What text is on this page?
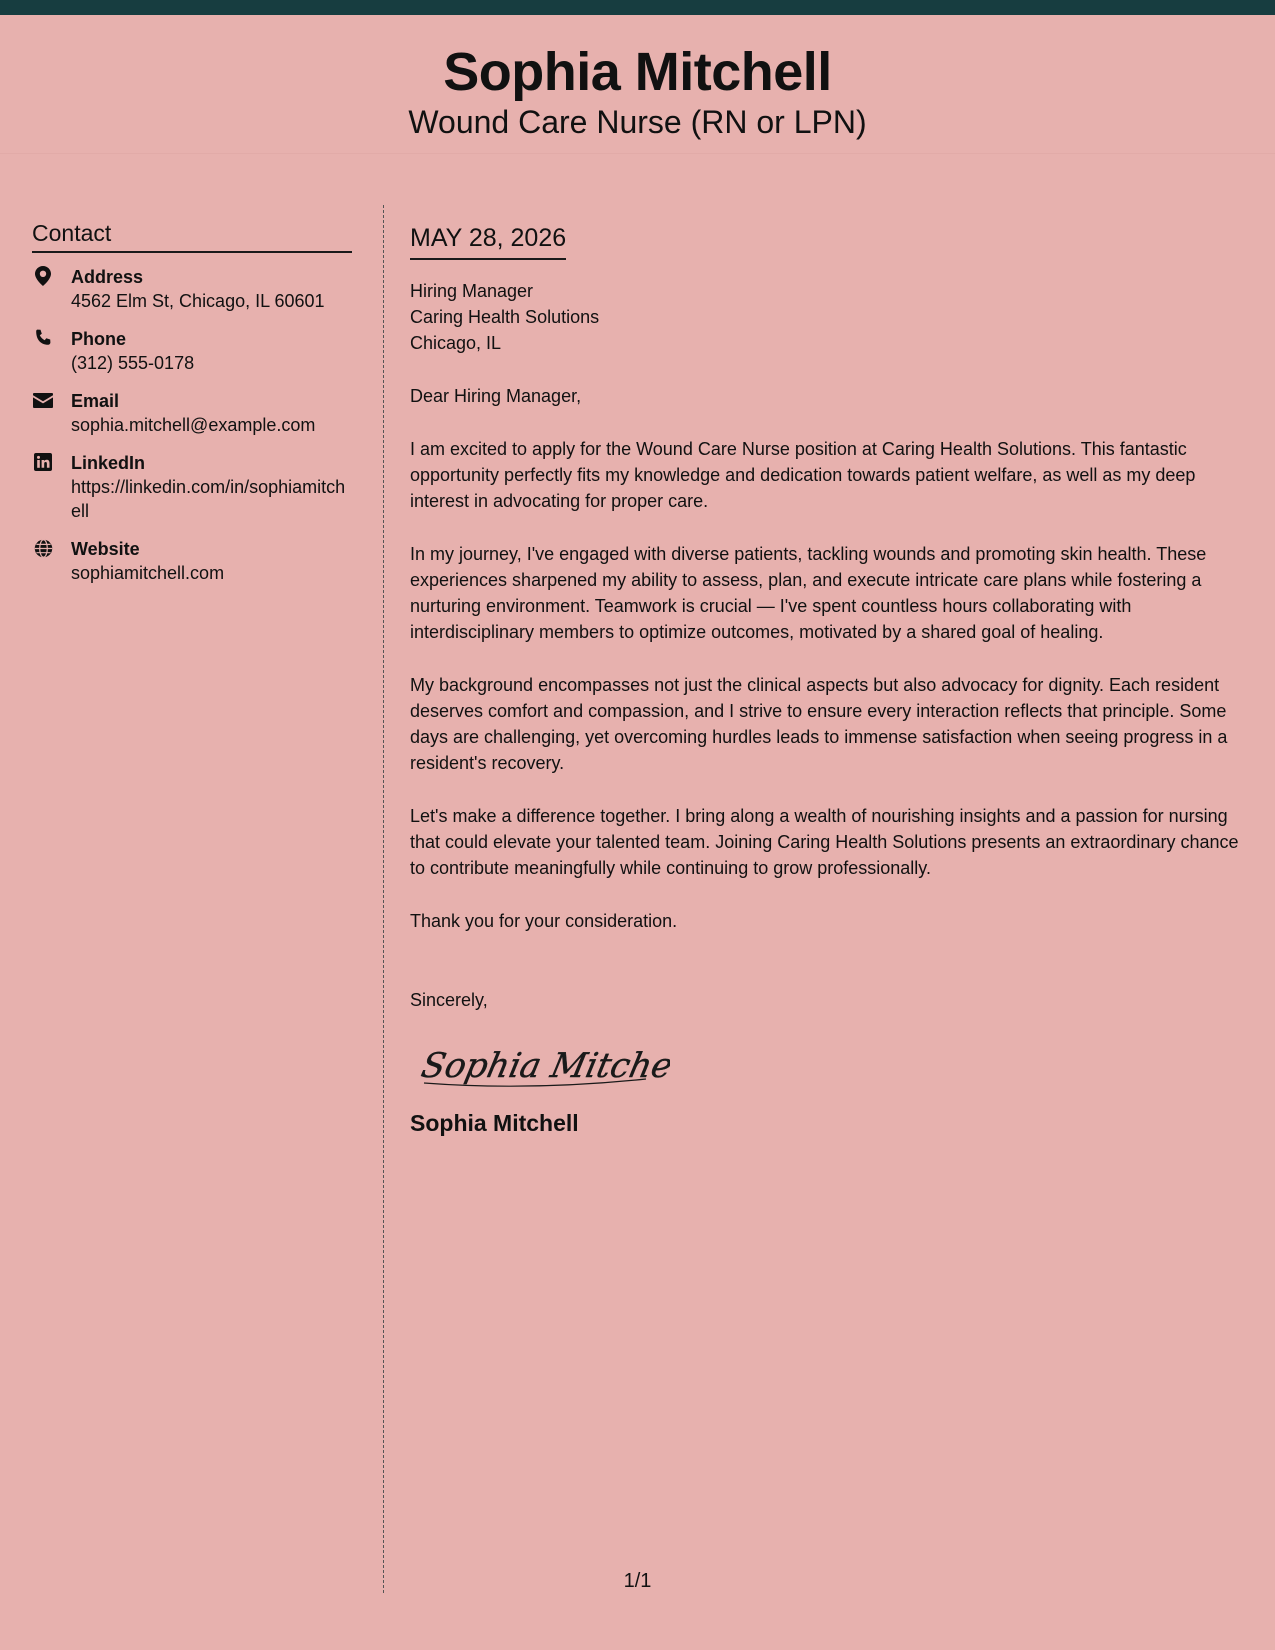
Sophia Mitchell
Wound Care Nurse (RN or LPN)
Contact
Address
4562 Elm St, Chicago, IL 60601
Phone
(312) 555-0178
Email
sophia.mitchell@example.com
LinkedIn
https://linkedin.com/in/sophiamitchell
Website
sophiamitchell.com
MAY 28, 2026
Hiring Manager
Caring Health Solutions
Chicago, IL
Dear Hiring Manager,
I am excited to apply for the Wound Care Nurse position at Caring Health Solutions. This fantastic opportunity perfectly fits my knowledge and dedication towards patient welfare, as well as my deep interest in advocating for proper care.
In my journey, I've engaged with diverse patients, tackling wounds and promoting skin health. These experiences sharpened my ability to assess, plan, and execute intricate care plans while fostering a nurturing environment. Teamwork is crucial — I've spent countless hours collaborating with interdisciplinary members to optimize outcomes, motivated by a shared goal of healing.
My background encompasses not just the clinical aspects but also advocacy for dignity. Each resident deserves comfort and compassion, and I strive to ensure every interaction reflects that principle. Some days are challenging, yet overcoming hurdles leads to immense satisfaction when seeing progress in a resident's recovery.
Let's make a difference together. I bring along a wealth of nourishing insights and a passion for nursing that could elevate your talented team. Joining Caring Health Solutions presents an extraordinary chance to contribute meaningfully while continuing to grow professionally.
Thank you for your consideration.
Sincerely,
Sophia Mitchell
Sophia Mitchell
1/1
